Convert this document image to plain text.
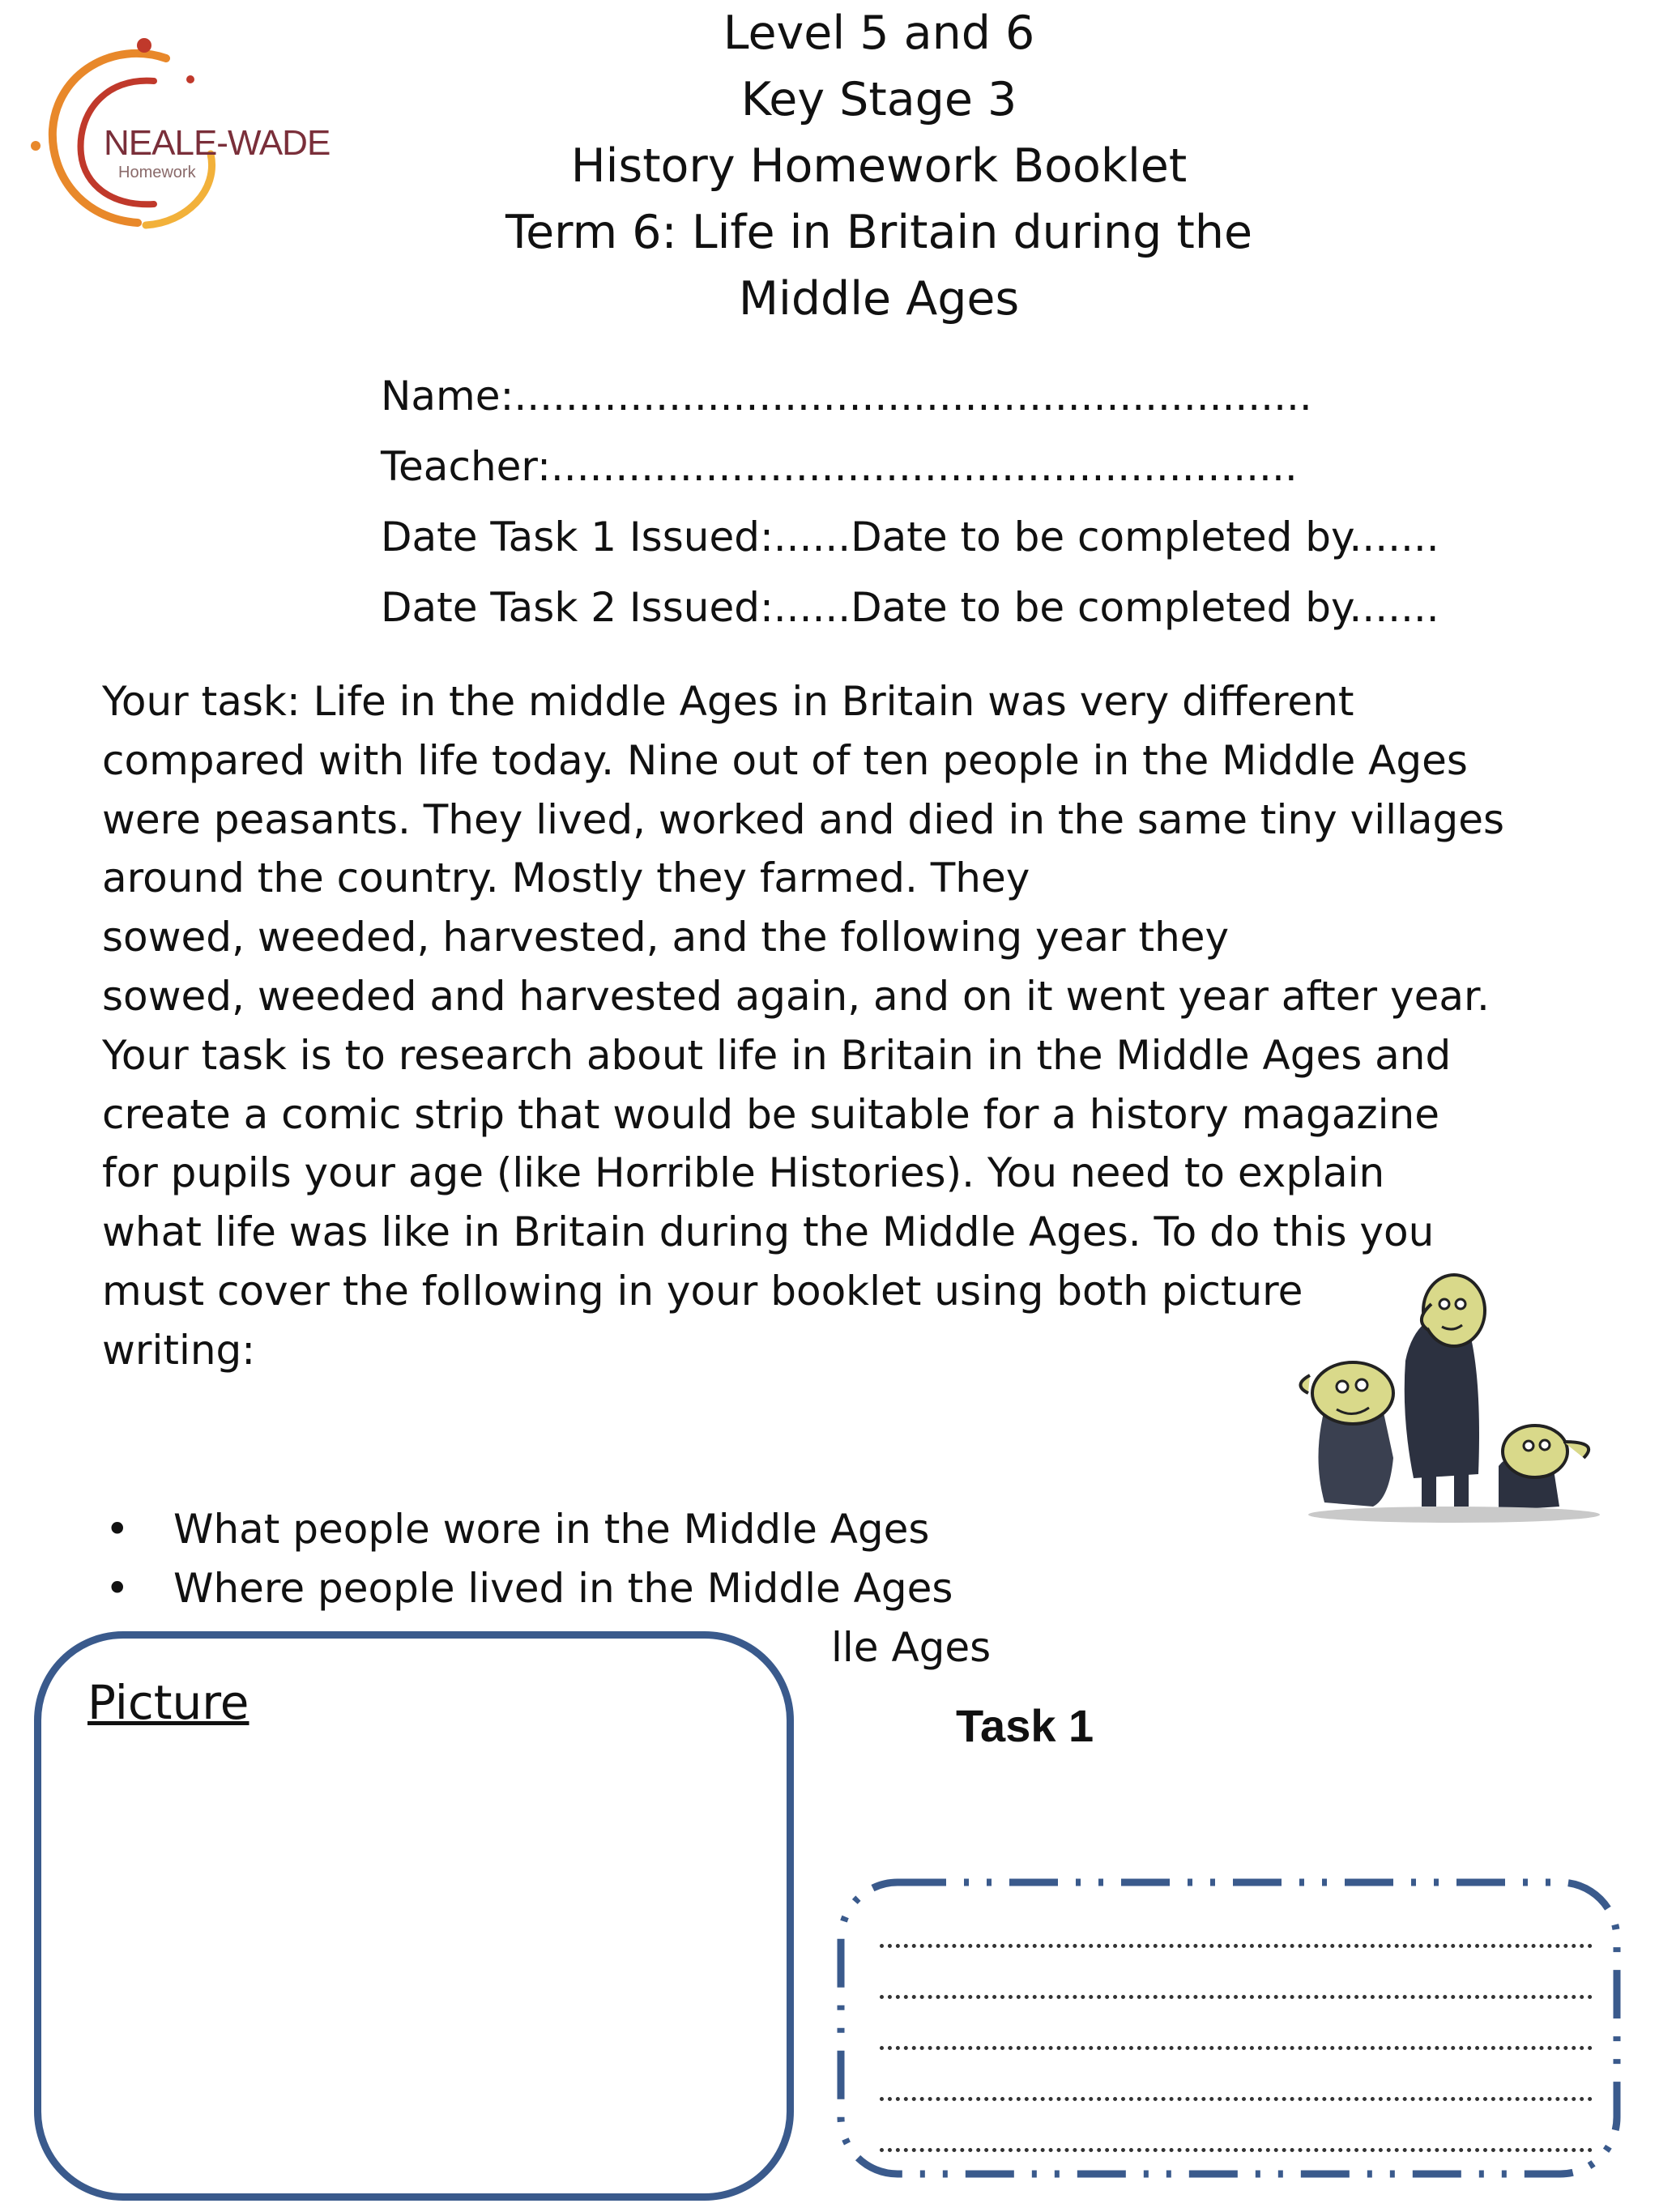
NEALE-WADE
Homework
Level 5 and 6
Key Stage 3
History Homework Booklet
Term 6: Life in Britain during the
Middle Ages
Name:..............................................................
Teacher:..........................................................
Date Task 1 Issued:......Date to be completed by.......
Date Task 2 Issued:......Date to be completed by.......
Your task: Life in the middle Ages in Britain was very different
compared with life today. Nine out of ten people in the Middle Ages
were peasants. They lived, worked and died in the same tiny villages
around the country. Mostly they farmed. They
sowed, weeded, harvested, and the following year they
sowed, weeded and harvested again, and on it went year after year.
Your task is to research about life in Britain in the Middle Ages and
create a comic strip that would be suitable for a history magazine
for pupils your age (like Horrible Histories). You need to explain
what life was like in Britain during the Middle Ages. To do this you
must cover the following in your booklet using both picture
writing:
• What people wore in the Middle Ages
• Where people lived in the Middle Ages
lle Ages
Picture	Task 1
